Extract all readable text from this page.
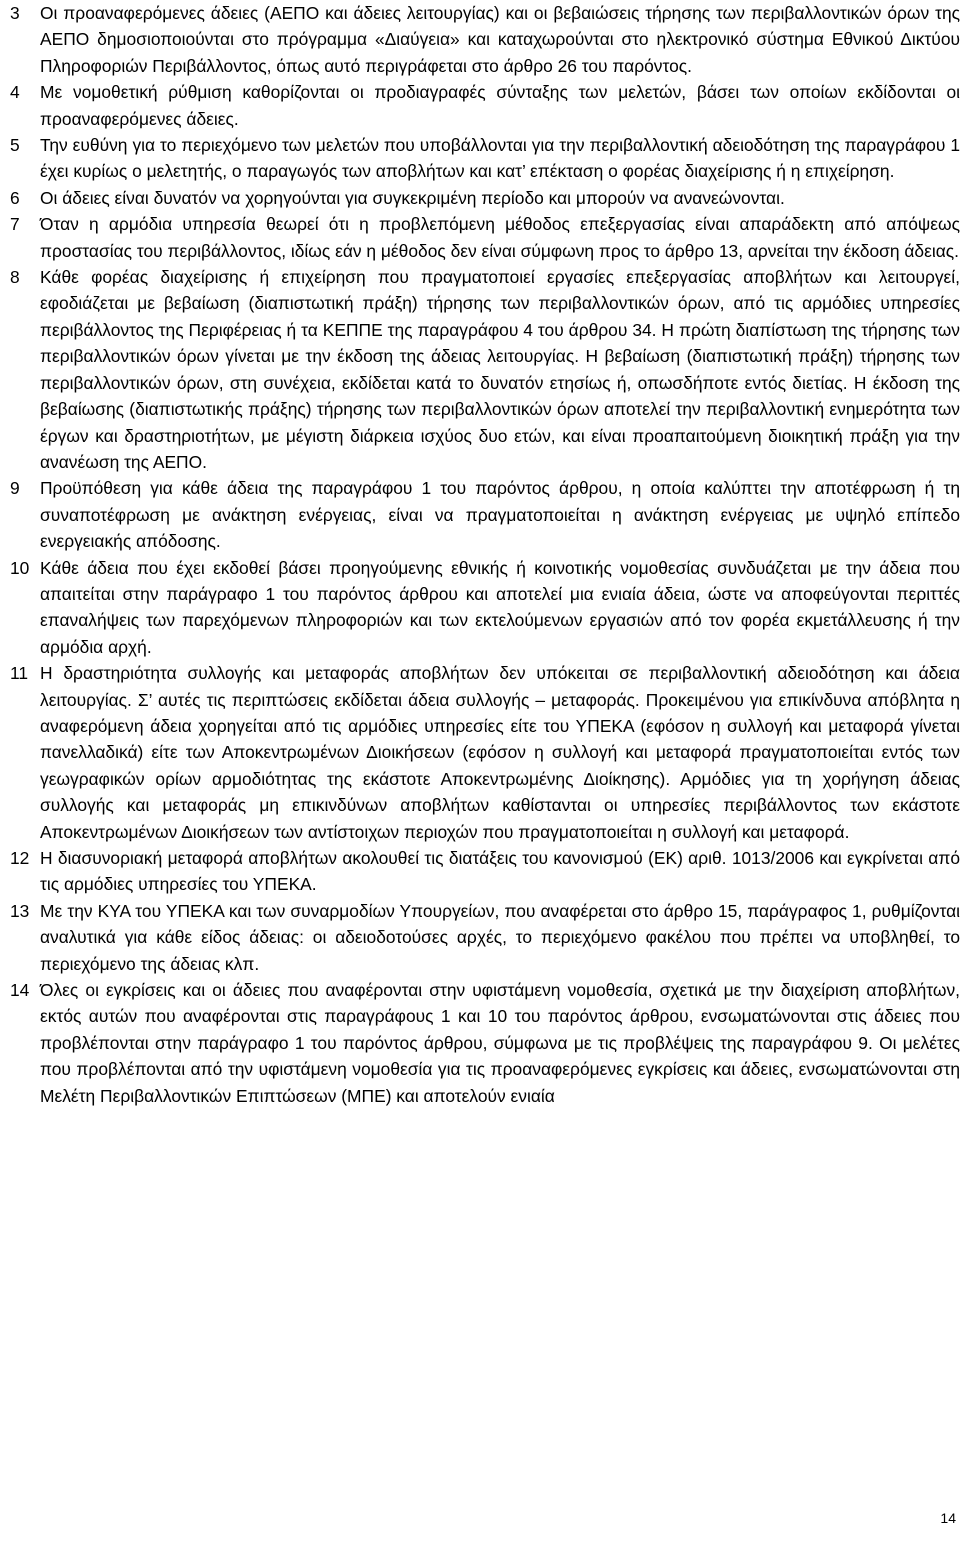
3	Οι προαναφερόμενες άδειες (ΑΕΠΟ και άδειες λειτουργίας) και οι βεβαιώσεις τήρησης των περιβαλλοντικών όρων της ΑΕΠΟ δημοσιοποιούνται στο πρόγραμμα «Διαύγεια» και καταχωρούνται στο ηλεκτρονικό σύστημα Εθνικού Δικτύου Πληροφοριών Περιβάλλοντος, όπως αυτό περιγράφεται στο άρθρο 26 του παρόντος.
4	Με νομοθετική ρύθμιση καθορίζονται οι προδιαγραφές σύνταξης των μελετών, βάσει των οποίων εκδίδονται οι προαναφερόμενες άδειες.
5	Την ευθύνη για το περιεχόμενο των μελετών που υποβάλλονται για την περιβαλλοντική αδειοδότηση της παραγράφου 1 έχει κυρίως ο μελετητής, ο παραγωγός των αποβλήτων και κατ’ επέκταση ο φορέας διαχείρισης ή η επιχείρηση.
6	Οι άδειες είναι δυνατόν να χορηγούνται για συγκεκριμένη περίοδο και μπορούν να ανανεώνονται.
7	Όταν η αρμόδια υπηρεσία θεωρεί ότι η προβλεπόμενη μέθοδος επεξεργασίας είναι απαράδεκτη από απόψεως προστασίας του περιβάλλοντος, ιδίως εάν η μέθοδος δεν είναι σύμφωνη προς το άρθρο 13, αρνείται την έκδοση άδειας.
8	Κάθε φορέας διαχείρισης ή επιχείρηση που πραγματοποιεί εργασίες επεξεργασίας αποβλήτων και λειτουργεί, εφοδιάζεται με βεβαίωση (διαπιστωτική πράξη) τήρησης των περιβαλλοντικών όρων, από τις αρμόδιες υπηρεσίες περιβάλλοντος της Περιφέρειας ή τα ΚΕΠΠΕ της παραγράφου 4 του άρθρου 34. Η πρώτη διαπίστωση της τήρησης των περιβαλλοντικών όρων γίνεται με την έκδοση της άδειας λειτουργίας. Η βεβαίωση (διαπιστωτική πράξη) τήρησης των περιβαλλοντικών όρων, στη συνέχεια, εκδίδεται κατά το δυνατόν ετησίως ή, οπωσδήποτε εντός διετίας. Η έκδοση της βεβαίωσης (διαπιστωτικής πράξης) τήρησης των περιβαλλοντικών όρων αποτελεί την περιβαλλοντική ενημερότητα των έργων και δραστηριοτήτων, με μέγιστη διάρκεια ισχύος δυο ετών, και είναι προαπαιτούμενη διοικητική πράξη για την ανανέωση της ΑΕΠΟ.
9	Προϋπόθεση για κάθε άδεια της παραγράφου 1 του παρόντος άρθρου, η οποία καλύπτει την αποτέφρωση ή τη συναποτέφρωση με ανάκτηση ενέργειας, είναι να πραγματοποιείται η ανάκτηση ενέργειας με υψηλό επίπεδο ενεργειακής απόδοσης.
10 Κάθε άδεια που έχει εκδοθεί βάσει προηγούμενης εθνικής ή κοινοτικής νομοθεσίας συνδυάζεται με την άδεια που απαιτείται στην παράγραφο 1 του παρόντος άρθρου και αποτελεί μια ενιαία άδεια, ώστε να αποφεύγονται περιττές επαναλήψεις των παρεχόμενων πληροφοριών και των εκτελούμενων εργασιών από τον φορέα εκμετάλλευσης ή την αρμόδια αρχή.
11 Η δραστηριότητα συλλογής και μεταφοράς αποβλήτων δεν υπόκειται σε περιβαλλοντική αδειοδότηση και άδεια λειτουργίας. Σ’ αυτές τις περιπτώσεις εκδίδεται άδεια συλλογής – μεταφοράς. Προκειμένου για επικίνδυνα απόβλητα η αναφερόμενη άδεια χορηγείται από τις αρμόδιες υπηρεσίες είτε του ΥΠΕΚΑ (εφόσον η συλλογή και μεταφορά γίνεται πανελλαδικά) είτε των Αποκεντρωμένων Διοικήσεων (εφόσον η συλλογή και μεταφορά πραγματοποιείται εντός των γεωγραφικών ορίων αρμοδιότητας της εκάστοτε Αποκεντρωμένης Διοίκησης). Αρμόδιες για τη χορήγηση άδειας συλλογής και μεταφοράς μη επικινδύνων αποβλήτων καθίστανται οι υπηρεσίες περιβάλλοντος των εκάστοτε Αποκεντρωμένων Διοικήσεων των αντίστοιχων περιοχών που πραγματοποιείται η συλλογή και μεταφορά.
12 Η διασυνοριακή μεταφορά αποβλήτων ακολουθεί τις διατάξεις του κανονισμού (ΕΚ) αριθ. 1013/2006 και εγκρίνεται από τις αρμόδιες υπηρεσίες του ΥΠΕΚΑ.
13 Με την ΚΥΑ του ΥΠΕΚΑ και των συναρμοδίων Υπουργείων, που αναφέρεται στο άρθρο 15, παράγραφος 1, ρυθμίζονται αναλυτικά για κάθε είδος άδειας: οι αδειοδοτούσες αρχές, το περιεχόμενο φακέλου που πρέπει να υποβληθεί, το περιεχόμενο της άδειας κλπ.
14 Όλες οι εγκρίσεις και οι άδειες που αναφέρονται στην υφιστάμενη νομοθεσία, σχετικά με την διαχείριση αποβλήτων, εκτός αυτών που αναφέρονται στις παραγράφους 1 και 10 του παρόντος άρθρου, ενσωματώνονται στις άδειες που προβλέπονται στην παράγραφο 1 του παρόντος άρθρου, σύμφωνα με τις προβλέψεις της παραγράφου 9. Οι μελέτες που προβλέπονται από την υφιστάμενη νομοθεσία για τις προαναφερόμενες εγκρίσεις και άδειες, ενσωματώνονται στη Μελέτη Περιβαλλοντικών Επιπτώσεων (ΜΠΕ) και αποτελούν ενιαία
14
